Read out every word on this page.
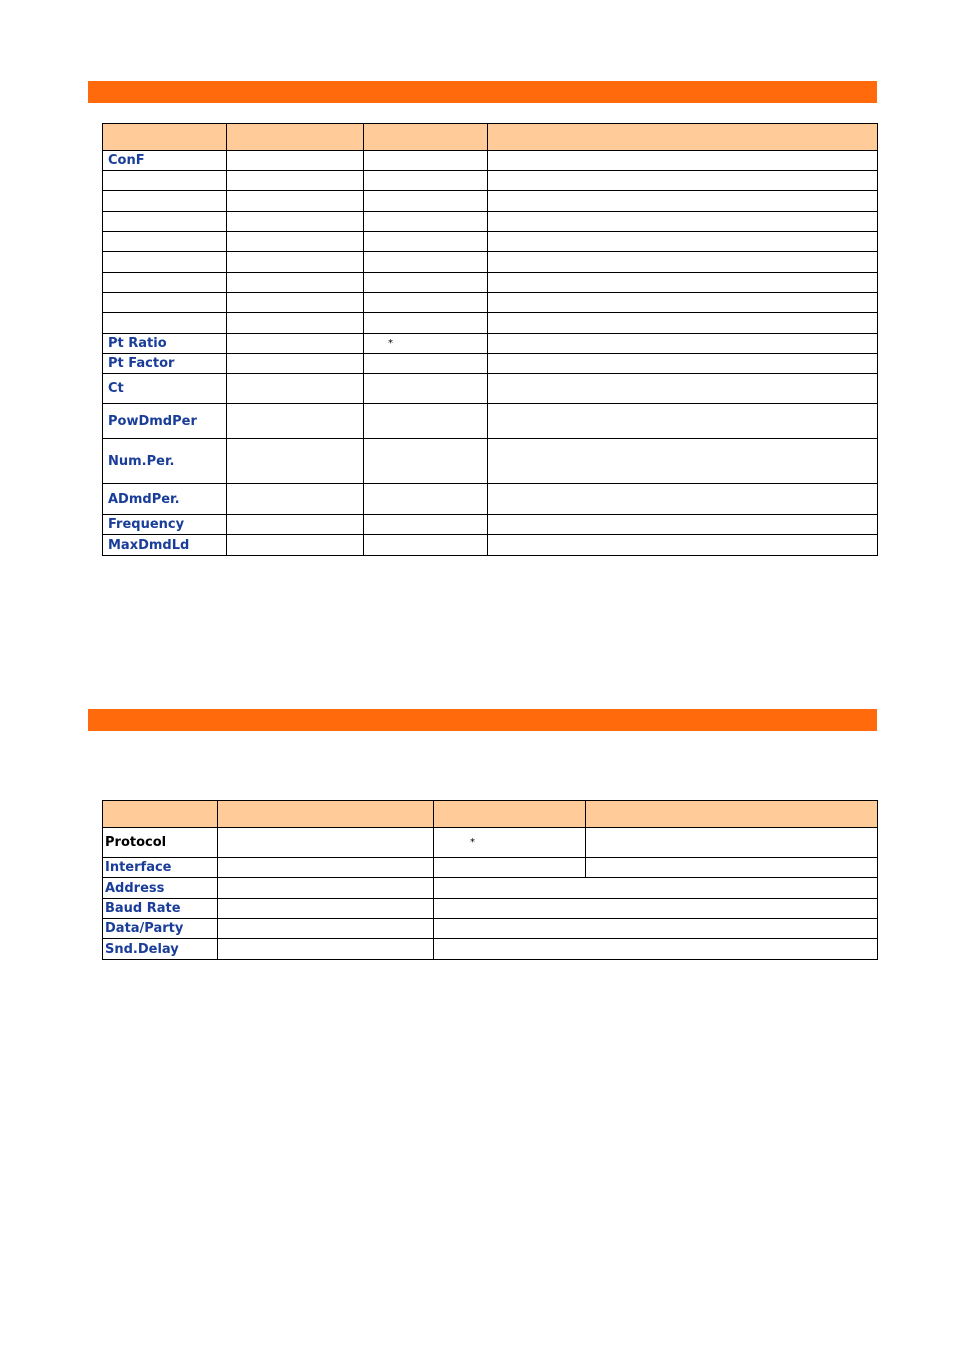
ConF			

Pt Ratio		*	
Pt Factor			
Ct			
PowDmdPer			
Num.Per.			
ADmdPer.			
Frequency			
MaxDmdLd			

Protocol		*	
Interface			
Address			
Baud Rate			
Data/Party			
Snd.Delay			
